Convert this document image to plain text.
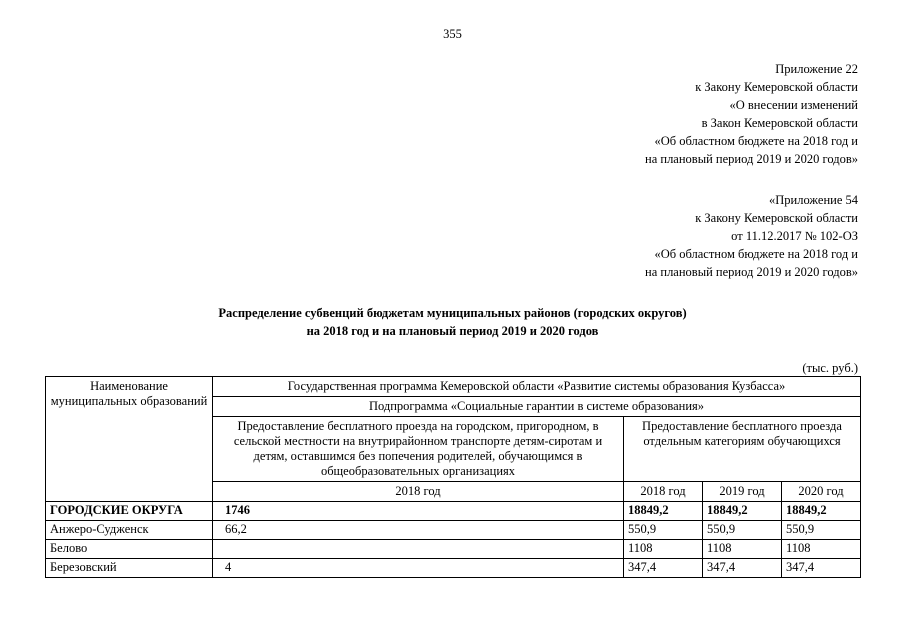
355
Приложение 22
к Закону Кемеровской области
«О внесении изменений
в Закон Кемеровской области
«Об областном бюджете на 2018 год и
на плановый период 2019 и 2020 годов»
«Приложение 54
к Закону Кемеровской области
от 11.12.2017 № 102-ОЗ
«Об областном бюджете на 2018 год и
на плановый период 2019 и 2020 годов»
Распределение субвенций бюджетам муниципальных районов (городских округов)
на 2018 год и на плановый период 2019 и 2020 годов
(тыс. руб.)
Наименование муниципальных образований	Государственная программа Кемеровской области «Развитие системы образования Кузбасса»			
	Подпрограмма «Социальные гарантии в системе образования»			
	Предоставление бесплатного проезда на городском, пригородном, в сельской местности на внутрирайонном транспорте детям-сиротам и детям, оставшимся без попечения родителей, обучающимся в общеобразовательных организациях	Предоставление бесплатного проезда отдельным категориям обучающихся		
	2018 год	2018 год	2019 год	2020 год
ГОРОДСКИЕ ОКРУГА	1746	18849,2	18849,2	18849,2
Анжеро-Судженск	66,2	550,9	550,9	550,9
Белово		1108	1108	1108
Березовский	4	347,4	347,4	347,4
